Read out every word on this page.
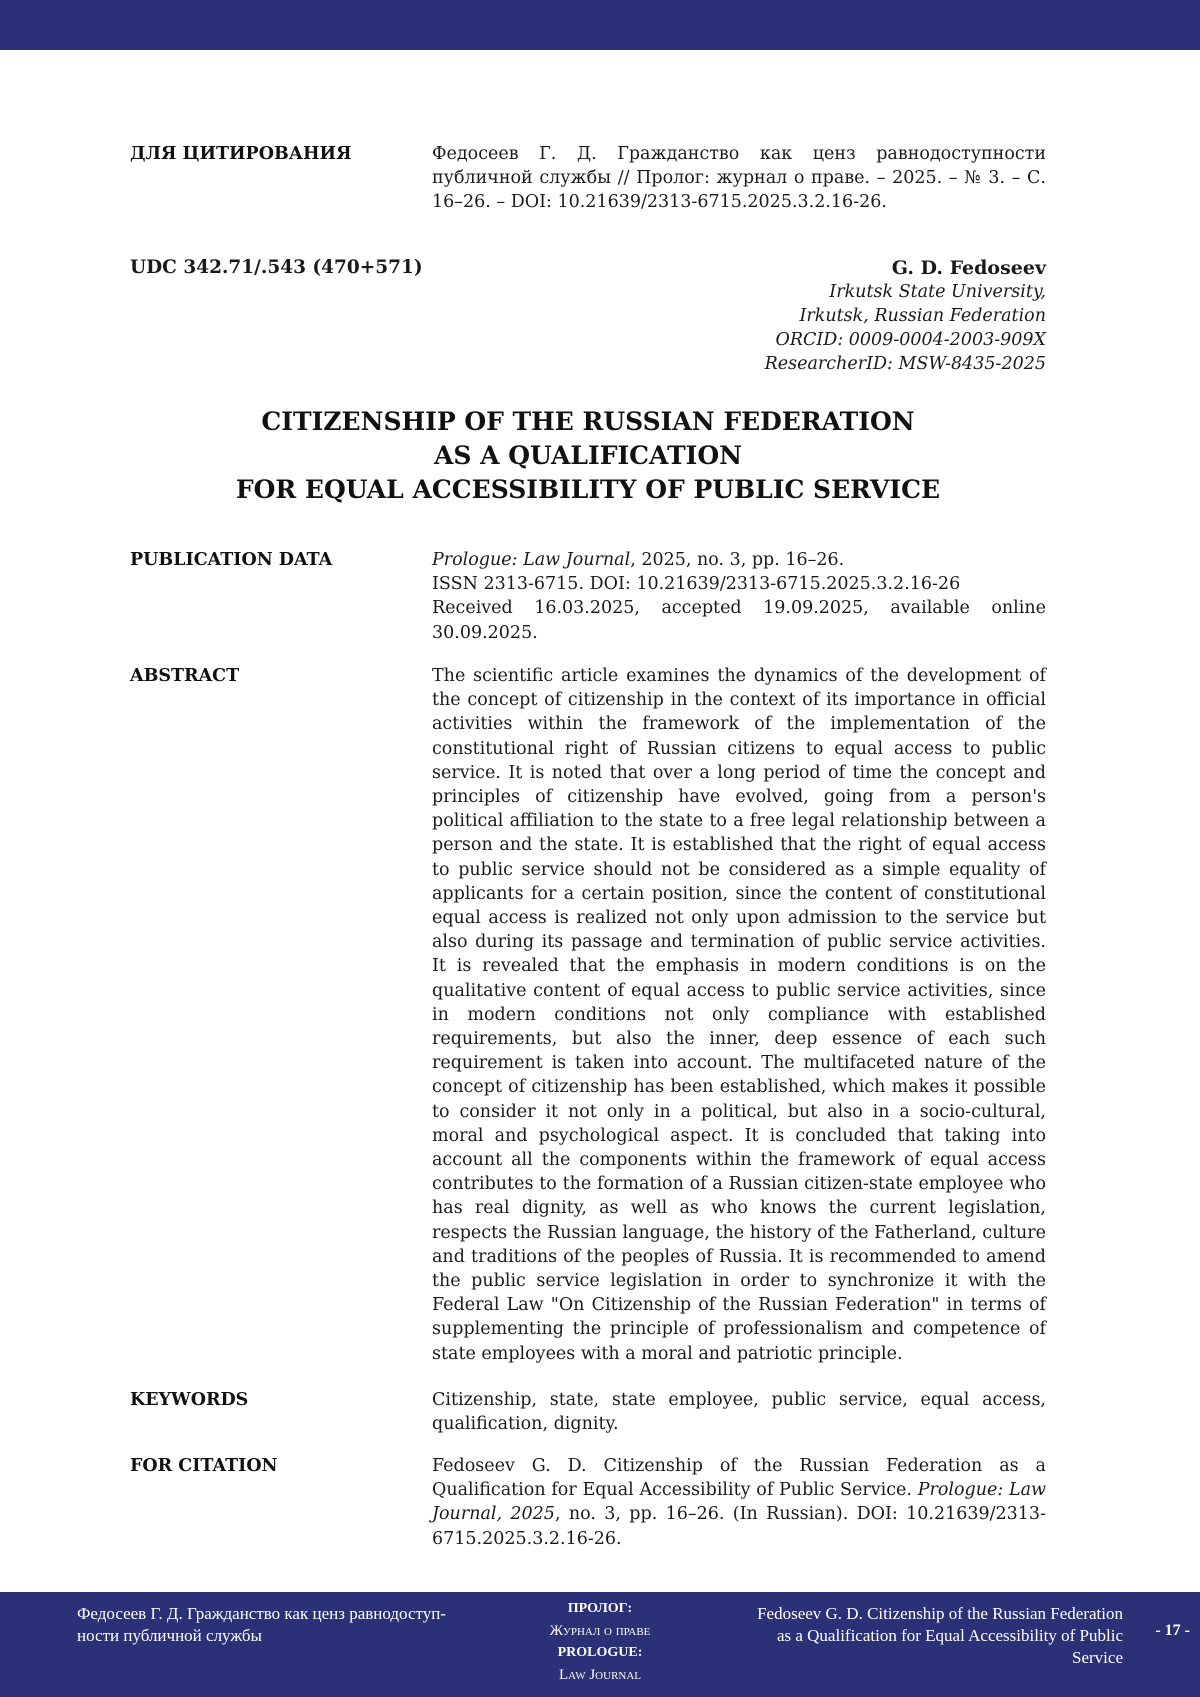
ДЛЯ ЦИТИРОВАНИЯ	Федосеев Г. Д. Гражданство как ценз равнодоступности публичной службы // Пролог: журнал о праве. – 2025. – № 3. – С. 16–26. – DOI: 10.21639/2313-6715.2025.3.2.16-26.
UDC 342.71/.543 (470+571)	G. D. Fedoseev
Irkutsk State University,
Irkutsk, Russian Federation
ORCID: 0009-0004-2003-909X
ResearcherID: MSW-8435-2025
CITIZENSHIP OF THE RUSSIAN FEDERATION
AS A QUALIFICATION
FOR EQUAL ACCESSIBILITY OF PUBLIC SERVICE
PUBLICATION DATA	Prologue: Law Journal, 2025, no. 3, pp. 16–26.
ISSN 2313-6715. DOI: 10.21639/2313-6715.2025.3.2.16-26
Received 16.03.2025, accepted 19.09.2025, available online 30.09.2025.
ABSTRACT	The scientific article examines the dynamics of the development of the concept of citizenship in the context of its importance in official activities within the framework of the implementation of the constitutional right of Russian citizens to equal access to public service. It is noted that over a long period of time the concept and principles of citizenship have evolved, going from a person's political affiliation to the state to a free legal relationship between a person and the state. It is established that the right of equal access to public service should not be considered as a simple equality of applicants for a certain position, since the content of constitutional equal access is realized not only upon admission to the service but also during its passage and termination of public service activities. It is revealed that the emphasis in modern conditions is on the qualitative content of equal access to public service activities, since in modern conditions not only compliance with established requirements, but also the inner, deep essence of each such requirement is taken into account. The multifaceted nature of the concept of citizenship has been established, which makes it possible to consider it not only in a political, but also in a socio-cultural, moral and psychological aspect. It is concluded that taking into account all the components within the framework of equal access contributes to the formation of a Russian citizen-state employee who has real dignity, as well as who knows the current legislation, respects the Russian language, the history of the Fatherland, culture and traditions of the peoples of Russia. It is recommended to amend the public service legislation in order to synchronize it with the Federal Law "On Citizenship of the Russian Federation" in terms of supplementing the principle of professionalism and competence of state employees with a moral and patriotic principle.
KEYWORDS	Citizenship, state, state employee, public service, equal access, qualification, dignity.
FOR CITATION	Fedoseev G. D. Citizenship of the Russian Federation as a Qualification for Equal Accessibility of Public Service. Prologue: Law Journal, 2025, no. 3, pp. 16–26. (In Russian). DOI: 10.21639/2313-6715.2025.3.2.16-26.
Федосеев Г. Д. Гражданство как ценз равнодоступ-
ности публичной службы
ПРОЛОГ:
Журнал о праве
PROLOGUE:
Law Journal
Fedoseev G. D. Citizenship of the Russian Federation
as a Qualification for Equal Accessibility of Public
Service
- 17 -
